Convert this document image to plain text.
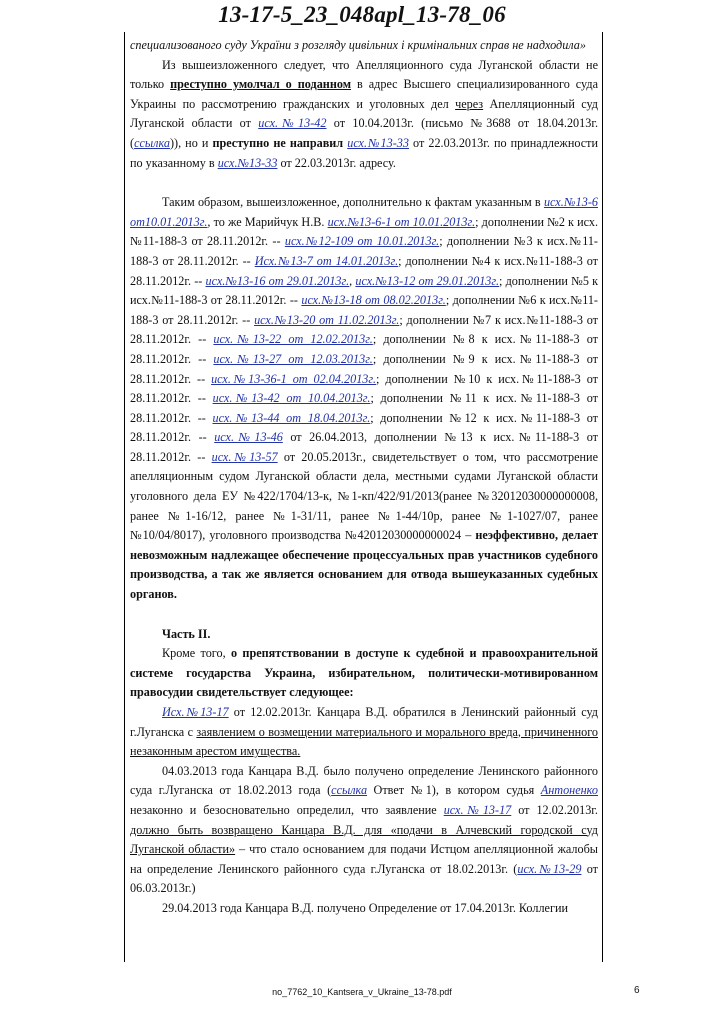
13-17-5_23_048apl_13-78_06

специализованого суду України з розгляду цивільних і кримінальних справ не надходила»

Из вышеизложенного следует, что Апелляционного суда Луганской области не только преступно умолчал о поданном в адрес Высшего специализированного суда Украины по рассмотрению гражданских и уголовных дел через Апелляционный суд Луганской области от исх.№13-42 от 10.04.2013г. (письмо №3688 от 18.04.2013г. (ссылка)), но и преступно не направил исх.№13-33 от 22.03.2013г. по принадлежности по указанному в исх.№13-33 от 22.03.2013г. адресу.

Таким образом, вышеизложенное, дополнительно к фактам указанным в исх.№13-6 от10.01.2013г., то же Марийчук Н.В. исх.№13-6-1 от 10.01.2013г.; дополнении №2 к исх.№11-188-3 от 28.11.2012г. -- исх.№12-109 от 10.01.2013г.; дополнении №3 к исх.№11-188-3 от 28.11.2012г. -- Исх.№13-7 от 14.01.2013г.; дополнении №4 к исх.№11-188-3 от 28.11.2012г. -- исх.№13-16 от 29.01.2013г., исх.№13-12 от 29.01.2013г.; дополнении №5 к исх.№11-188-3 от 28.11.2012г. -- исх.№13-18 от 08.02.2013г.; дополнении №6 к исх.№11-188-3 от 28.11.2012г. -- исх.№13-20 от 11.02.2013г.; дополнении №7 к исх.№11-188-3 от 28.11.2012г. -- исх.№13-22 от 12.02.2013г.; дополнении №8 к исх.№11-188-3 от 28.11.2012г. -- исх.№13-27 от 12.03.2013г.; дополнении №9 к исх.№11-188-3 от 28.11.2012г. -- исх.№13-36-1 от 02.04.2013г.; дополнении №10 к исх.№11-188-3 от 28.11.2012г. -- исх.№13-42 от 10.04.2013г.; дополнении №11 к исх.№11-188-3 от 28.11.2012г. -- исх.№13-44 от 18.04.2013г.; дополнении №12 к исх.№11-188-3 от 28.11.2012г. -- исх.№13-46 от 26.04.2013, дополнении №13 к исх.№11-188-3 от 28.11.2012г. -- исх.№13-57 от 20.05.2013г., свидетельствует о том, что рассмотрение апелляционным судом Луганской области дела, местными судами Луганской области уголовного дела ЕУ №422/1704/13-к, №1-кп/422/91/2013(ранее №32012030000000008, ранее №1-16/12, ранее №1-31/11, ранее №1-44/10р, ранее №1-1027/07, ранее №10/04/8017), уголовного производства №42012030000000024 – неэффективно, делает невозможным надлежащее обеспечение процессуальных прав участников судебного производства, а так же является основанием для отвода вышеуказанных судебных органов.

Часть II.

Кроме того, о препятствовании в доступе к судебной и правоохранительной системе государства Украина, избирательном, политически-мотивированном правосудии свидетельствует следующее:

Исх.№13-17 от 12.02.2013г. Канцара В.Д. обратился в Ленинский районный суд г.Луганска с заявлением о возмещении материального и морального вреда, причиненного незаконным арестом имущества.

04.03.2013 года Канцара В.Д. было получено определение Ленинского районного суда г.Луганска от 18.02.2013 года (ссылка Ответ №1), в котором судья Антоненко незаконно и безосновательно определил, что заявление исх.№13-17 от 12.02.2013г. должно быть возвращено Канцара В.Д. для «подачи в Алчевский городской суд Луганской области» – что стало основанием для подачи Истцом апелляционной жалобы на определение Ленинского районного суда г.Луганска от 18.02.2013г. (исх.№13-29 от 06.03.2013г.)

29.04.2013 года Канцара В.Д. получено Определение от 17.04.2013г. Коллегии

no_7762_10_Kantsera_v_Ukraine_13-78.pdf	6
